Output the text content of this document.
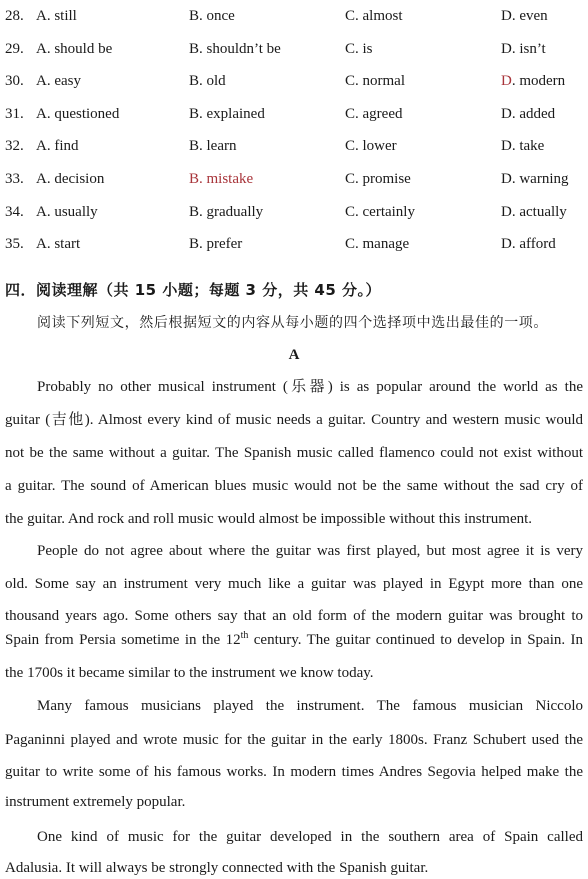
28. A. still	B. once	C. almost	D. even
29. A. should be	B. shouldn’t be	C. is	D. isn’t
30. A. easy	B. old	C. normal	D. modern
31. A. questioned	B. explained	C. agreed	D. added
32. A. find	B. learn	C. lower	D. take
33. A. decision	B. mistake	C. promise	D. warning
34. A. usually	B. gradually	C. certainly	D. actually
35. A. start	B. prefer	C. manage	D. afford
四．阅读理解（共 15 小题；每题 3 分，共 45 分。）
阅读下列短文，然后根据短文的内容从每小题的四个选择项中选出最佳的一项。
A
Probably no other musical instrument (乐器) is as popular around the world as the
guitar (吉他). Almost every kind of music needs a guitar. Country and western music would
not be the same without a guitar. The Spanish music called flamenco could not exist without
a guitar. The sound of American blues music would not be the same without the sad cry of
the guitar. And rock and roll music would almost be impossible without this instrument.
People do not agree about where the guitar was first played, but most agree it is very
old. Some say an instrument very much like a guitar was played in Egypt more than one
thousand years ago. Some others say that an old form of the modern guitar was brought to
Spain from Persia sometime in the 12th century. The guitar continued to develop in Spain. In
the 1700s it became similar to the instrument we know today.
Many famous musicians played the instrument. The famous musician Niccolo
Paganinni played and wrote music for the guitar in the early 1800s. Franz Schubert used the
guitar to write some of his famous works. In modern times Andres Segovia helped make the
instrument extremely popular.
One kind of music for the guitar developed in the southern area of Spain called
Adalusia. It will always be strongly connected with the Spanish guitar.
